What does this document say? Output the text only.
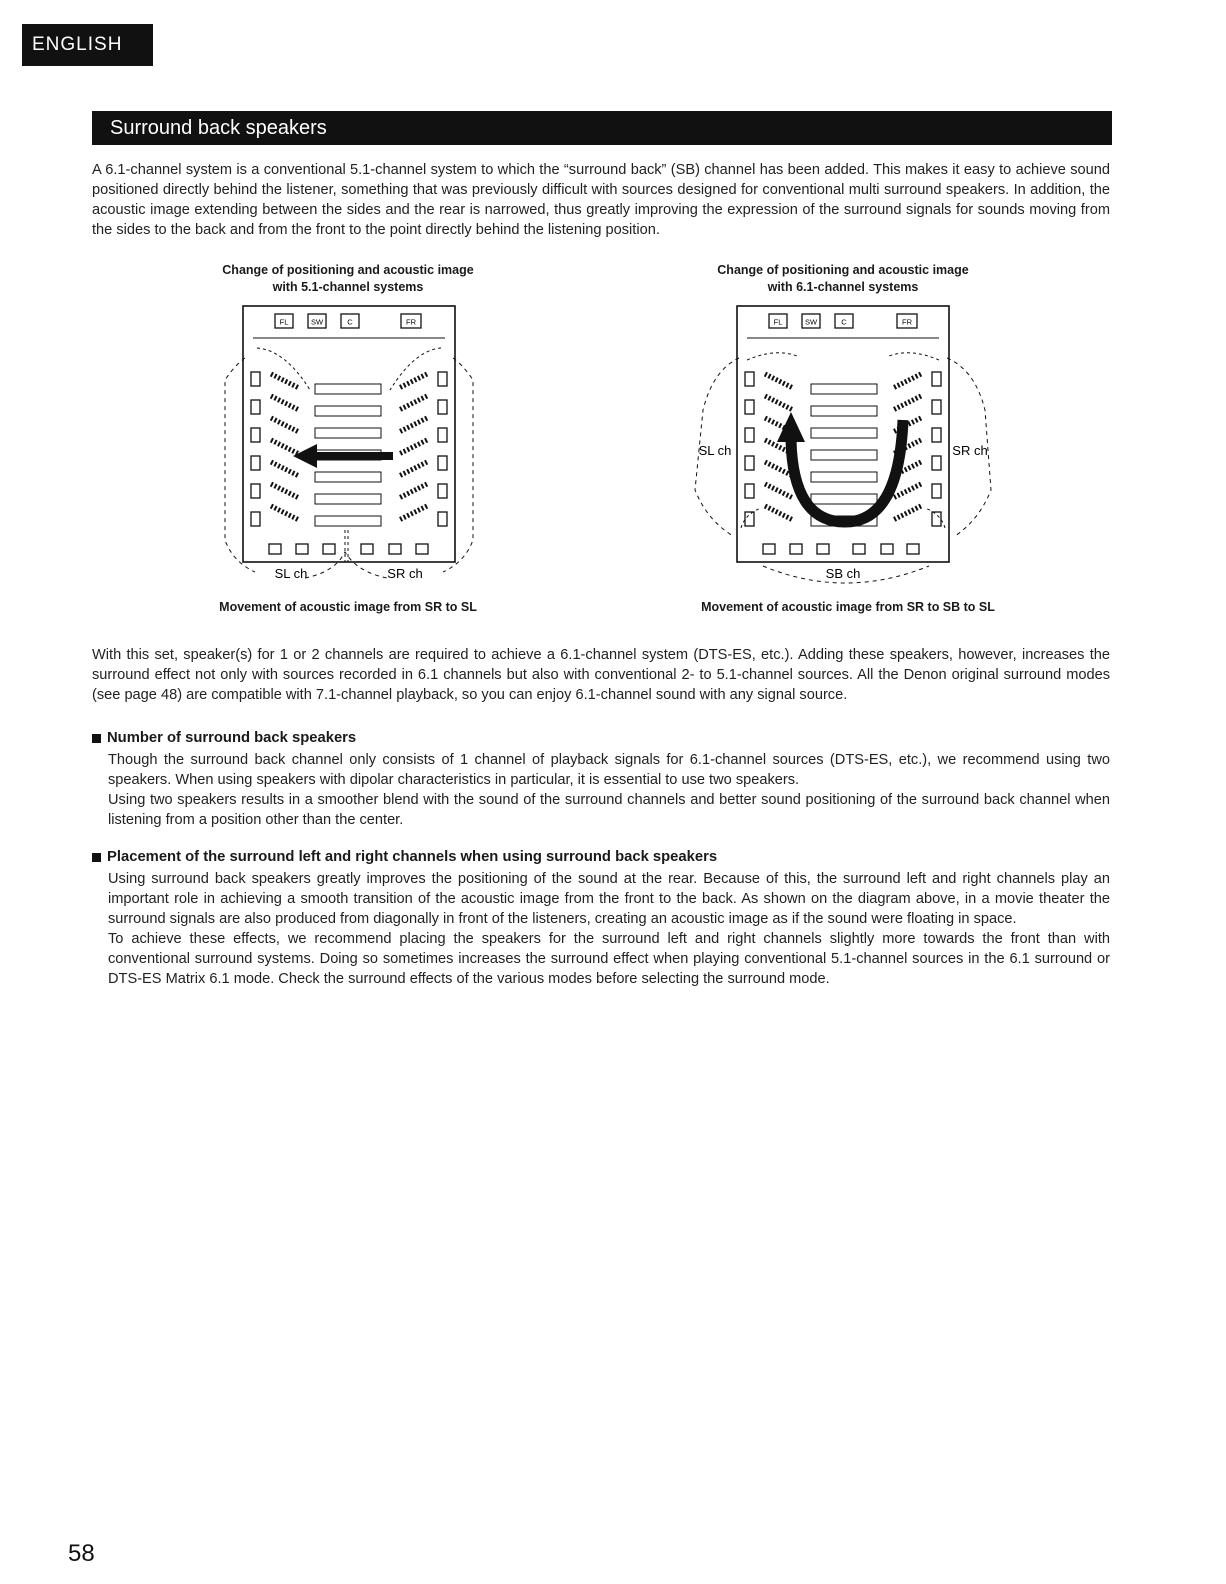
ENGLISH
Surround back speakers

A 6.1-channel system is a conventional 5.1-channel system to which the “surround back” (SB) channel has been added. This makes it easy to achieve sound positioned directly behind the listener, something that was previously difficult with sources designed for conventional multi surround speakers. In addition, the acoustic image extending between the sides and the rear is narrowed, thus greatly improving the expression of the surround signals for sounds moving from the sides to the back and from the front to the point directly behind the listening position.

Change of positioning and acoustic image
with 5.1-channel systems
FL	SW	C	FR
SL ch	SR ch
Movement of acoustic image from SR to SL
Change of positioning and acoustic image
with 6.1-channel systems
FL	SW	C	FR
SL ch	SR ch
SB ch
Movement of acoustic image from SR to SB to SL

With this set, speaker(s) for 1 or 2 channels are required to achieve a 6.1-channel system (DTS-ES, etc.). Adding these speakers, however, increases the surround effect not only with sources recorded in 6.1 channels but also with conventional 2- to 5.1-channel sources. All the Denon original surround modes (see page 48) are compatible with 7.1-channel playback, so you can enjoy 6.1-channel sound with any signal source.

Number of surround back speakers

Though the surround back channel only consists of 1 channel of playback signals for 6.1-channel sources (DTS-ES, etc.), we recommend using two speakers. When using speakers with dipolar characteristics in particular, it is essential to use two speakers.
Using two speakers results in a smoother blend with the sound of the surround channels and better sound positioning of the surround back channel when listening from a position other than the center.

Placement of the surround left and right channels when using surround back speakers

Using surround back speakers greatly improves the positioning of the sound at the rear. Because of this, the surround left and right channels play an important role in achieving a smooth transition of the acoustic image from the front to the back. As shown on the diagram above, in a movie theater the surround signals are also produced from diagonally in front of the listeners, creating an acoustic image as if the sound were floating in space.
To achieve these effects, we recommend placing the speakers for the surround left and right channels slightly more towards the front than with conventional surround systems. Doing so sometimes increases the surround effect when playing conventional 5.1-channel sources in the 6.1 surround or DTS-ES Matrix 6.1 mode. Check the surround effects of the various modes before selecting the surround mode.

58
